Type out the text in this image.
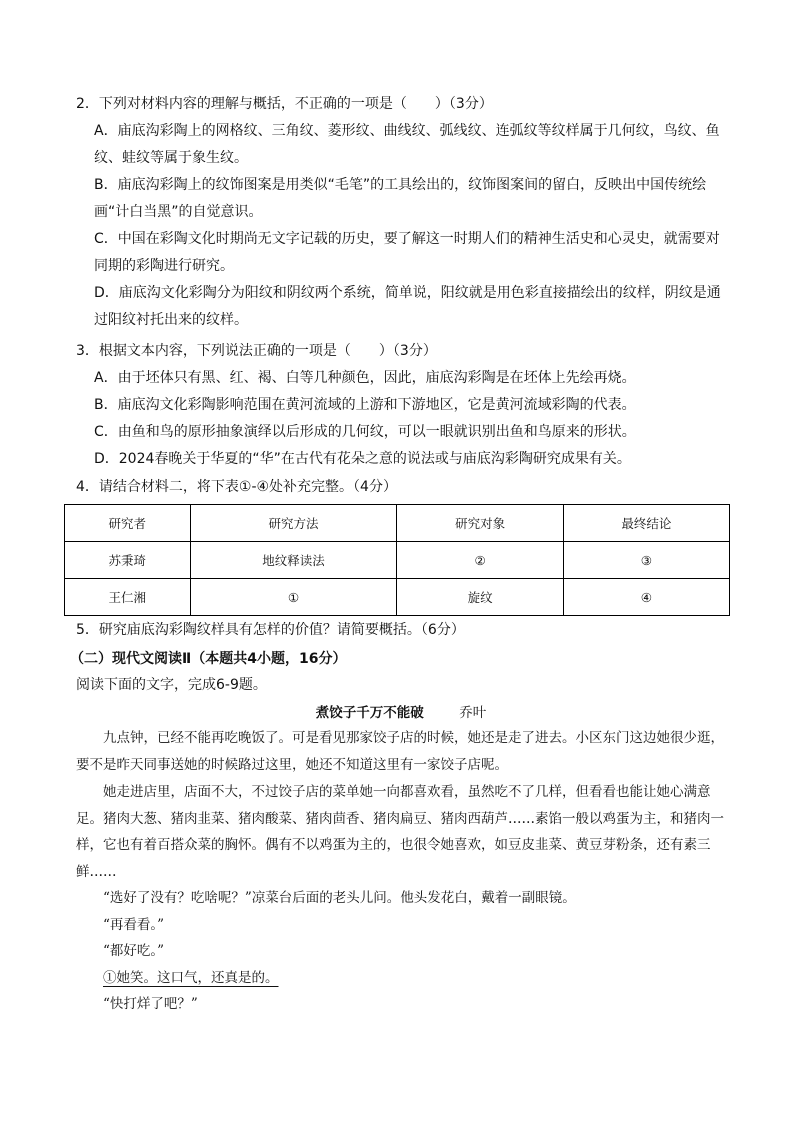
2．下列对材料内容的理解与概括，不正确的一项是（　　）（3分）
A．庙底沟彩陶上的网格纹、三角纹、菱形纹、曲线纹、弧线纹、连弧纹等纹样属于几何纹，鸟纹、鱼
纹、蛙纹等属于象生纹。
B．庙底沟彩陶上的纹饰图案是用类似“毛笔”的工具绘出的，纹饰图案间的留白，反映出中国传统绘
画“计白当黑”的自觉意识。
C．中国在彩陶文化时期尚无文字记载的历史，要了解这一时期人们的精神生活史和心灵史，就需要对
同期的彩陶进行研究。
D．庙底沟文化彩陶分为阳纹和阴纹两个系统，简单说，阳纹就是用色彩直接描绘出的纹样，阴纹是通
过阳纹衬托出来的纹样。
3．根据文本内容，下列说法正确的一项是（　　）（3分）
A．由于坯体只有黑、红、褐、白等几种颜色，因此，庙底沟彩陶是在坯体上先绘再烧。
B．庙底沟文化彩陶影响范围在黄河流域的上游和下游地区，它是黄河流域彩陶的代表。
C．由鱼和鸟的原形抽象演绎以后形成的几何纹，可以一眼就识别出鱼和鸟原来的形状。
D．2024春晚关于华夏的“华”在古代有花朵之意的说法或与庙底沟彩陶研究成果有关。
4．请结合材料二，将下表①-④处补充完整。（4分）
研究者	研究方法	研究对象	最终结论
苏秉琦	地纹释读法	②	③
王仁湘	①	旋纹	④
5．研究庙底沟彩陶纹样具有怎样的价值？请简要概括。（6分）
（二）现代文阅读Ⅱ（本题共4小题，16分）
阅读下面的文字，完成6-9题。
煮饺子千万不能破	乔叶

九点钟，已经不能再吃晚饭了。可是看见那家饺子店的时候，她还是走了进去。小区东门这边她很少逛，要不是昨天同事送她的时候路过这里，她还不知道这里有一家饺子店呢。

她走进店里，店面不大，不过饺子店的菜单她一向都喜欢看，虽然吃不了几样，但看看也能让她心满意足。猪肉大葱、猪肉韭菜、猪肉酸菜、猪肉茴香、猪肉扁豆、猪肉西葫芦……素馅一般以鸡蛋为主，和猪肉一样，它也有着百搭众菜的胸怀。偶有不以鸡蛋为主的，也很令她喜欢，如豆皮韭菜、黄豆芽粉条，还有素三鲜……

“选好了没有？吃啥呢？”凉菜台后面的老头儿问。他头发花白，戴着一副眼镜。

“再看看。”

“都好吃。”

①她笑。这口气，还真是的。

“快打烊了吧？”
